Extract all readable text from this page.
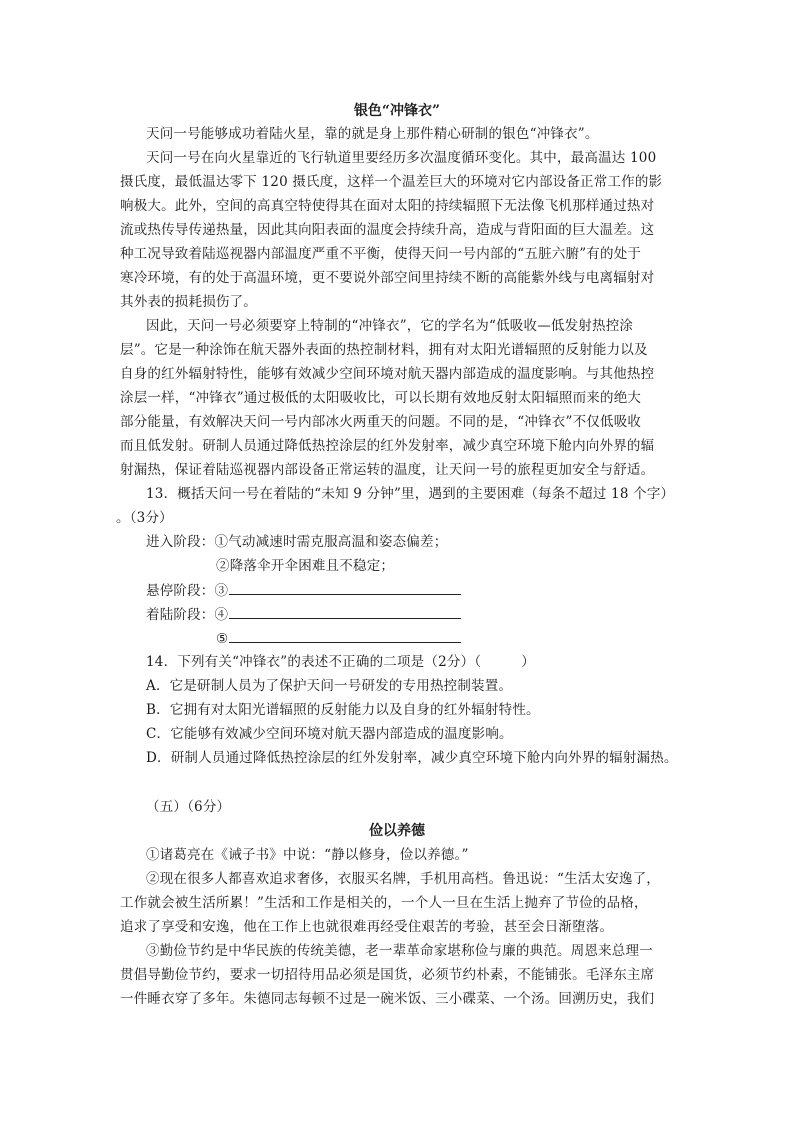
银色“冲锋衣”
天问一号能够成功着陆火星，靠的就是身上那件精心研制的银色“冲锋衣”。
天问一号在向火星靠近的飞行轨道里要经历多次温度循环变化。其中，最高温达 100
摄氏度，最低温达零下 120 摄氏度，这样一个温差巨大的环境对它内部设备正常工作的影
响极大。此外，空间的高真空特使得其在面对太阳的持续辐照下无法像飞机那样通过热对
流或热传导传递热量，因此其向阳表面的温度会持续升高，造成与背阳面的巨大温差。这
种工况导致着陆巡视器内部温度严重不平衡，使得天问一号内部的“五脏六腑”有的处于
寒冷环境，有的处于高温环境，更不要说外部空间里持续不断的高能紫外线与电离辐射对
其外表的损耗损伤了。
因此，天问一号必须要穿上特制的“冲锋衣”，它的学名为“低吸收—低发射热控涂
层”。它是一种涂饰在航天器外表面的热控制材料，拥有对太阳光谱辐照的反射能力以及
自身的红外辐射特性，能够有效减少空间环境对航天器内部造成的温度影响。与其他热控
涂层一样，“冲锋衣”通过极低的太阳吸收比，可以长期有效地反射太阳辐照而来的绝大
部分能量，有效解决天问一号内部冰火两重天的问题。不同的是，“冲锋衣”不仅低吸收
而且低发射。研制人员通过降低热控涂层的红外发射率，减少真空环境下舱内向外界的辐
射漏热，保证着陆巡视器内部设备正常运转的温度，让天问一号的旅程更加安全与舒适。
13．概括天问一号在着陆的“未知 9 分钟”里，遇到的主要困难（每条不超过 18 个字）
。（3分）
进入阶段：①气动减速时需克服高温和姿态偏差；
②降落伞开伞困难且不稳定；
悬停阶段：③
着陆阶段：④
⑤
14．下列有关“冲锋衣”的表述不正确的二项是（2分）（	）
A．它是研制人员为了保护天问一号研发的专用热控制装置。
B．它拥有对太阳光谱辐照的反射能力以及自身的红外辐射特性。
C．它能够有效减少空间环境对航天器内部造成的温度影响。
D．研制人员通过降低热控涂层的红外发射率，减少真空环境下舱内向外界的辐射漏热。
（五）（6分）
俭以养德
①诸葛亮在《诫子书》中说：“静以修身，俭以养德。”
②现在很多人都喜欢追求奢侈，衣服买名牌，手机用高档。鲁迅说：“生活太安逸了，
工作就会被生活所累！”生活和工作是相关的，一个人一旦在生活上抛弃了节俭的品格，
追求了享受和安逸，他在工作上也就很难再经受住艰苦的考验，甚至会日渐堕落。
③勤俭节约是中华民族的传统美德，老一辈革命家堪称俭与廉的典范。周恩来总理一
贯倡导勤俭节约，要求一切招待用品必须是国货，必须节约朴素，不能铺张。毛泽东主席
一件睡衣穿了多年。朱德同志每顿不过是一碗米饭、三小碟菜、一个汤。回溯历史，我们
